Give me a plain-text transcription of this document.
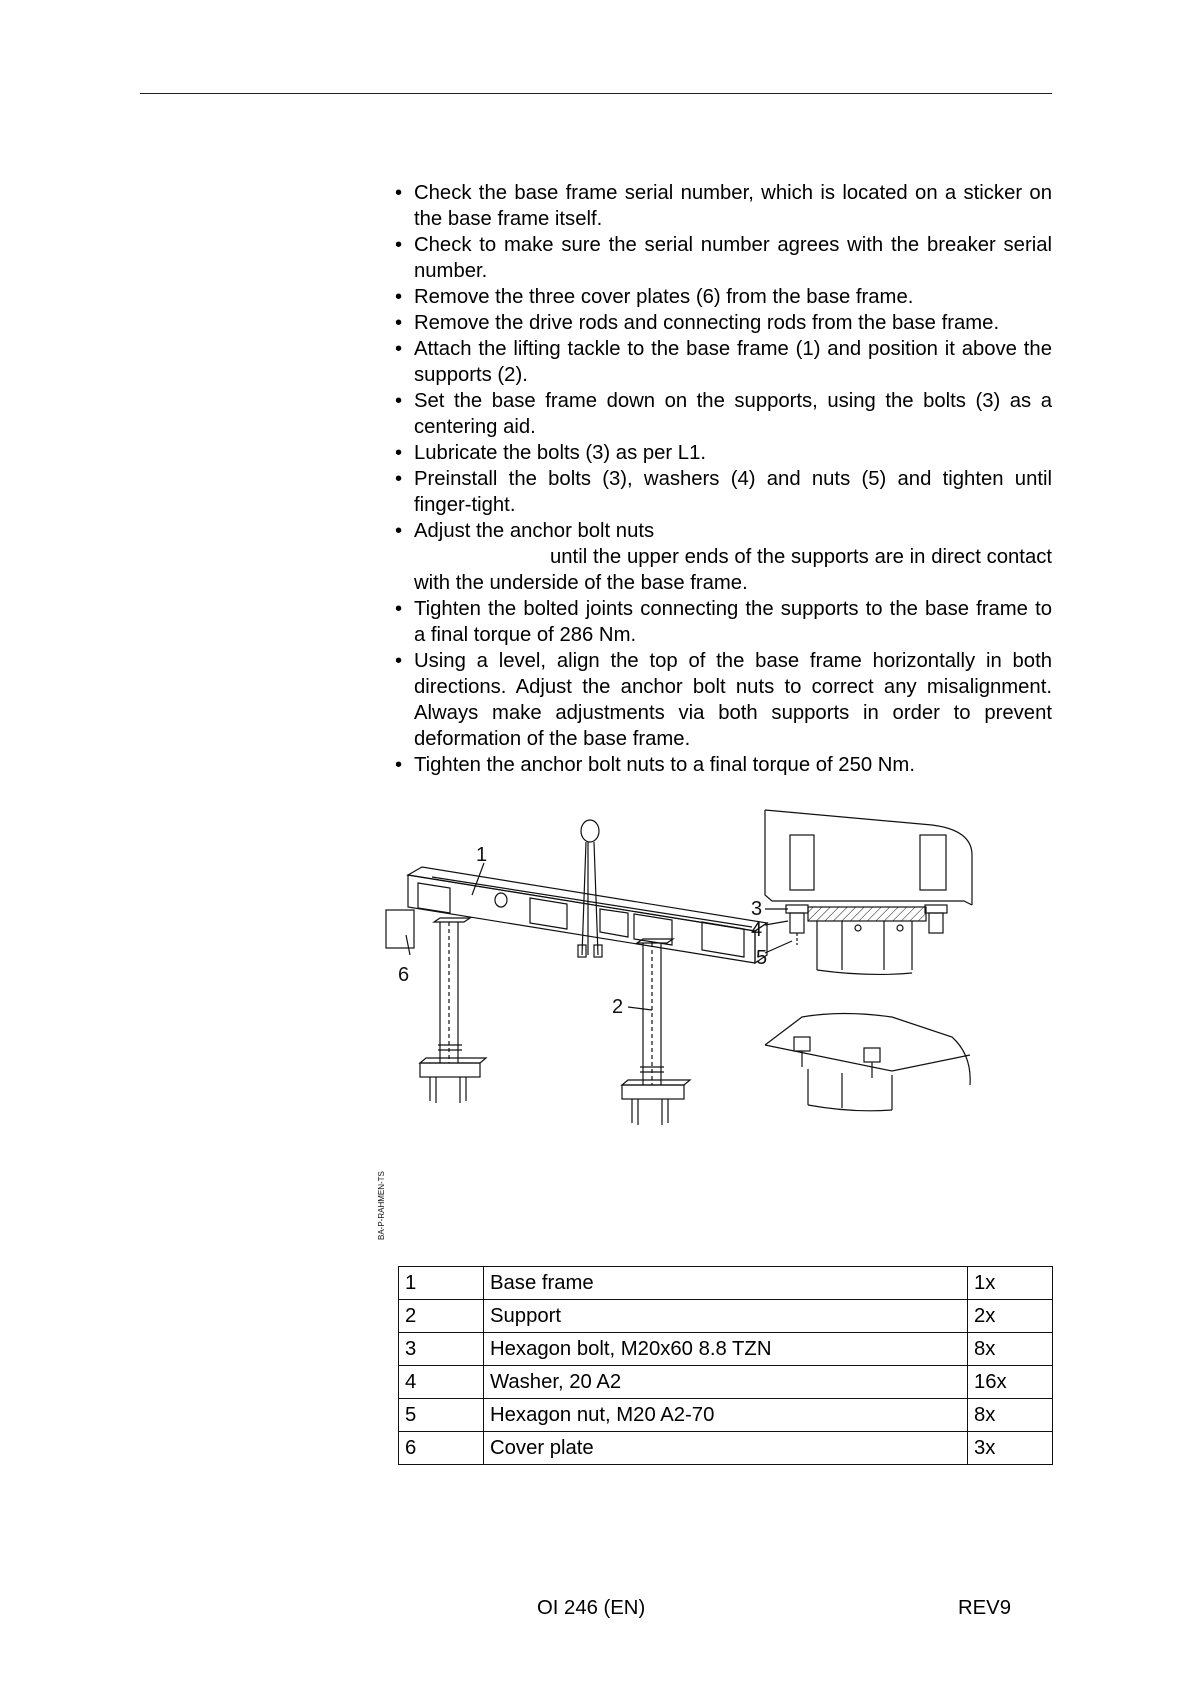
• Check the base frame serial number, which is located on a sticker on the base frame itself.
• Check to make sure the serial number agrees with the breaker serial number.
• Remove the three cover plates (6) from the base frame.
• Remove the drive rods and connecting rods from the base frame.
• Attach the lifting tackle to the base frame (1) and position it above the supports (2).
• Set the base frame down on the supports, using the bolts (3) as a centering aid.
• Lubricate the bolts (3) as per L1.
• Preinstall the bolts (3), washers (4) and nuts (5) and tighten until finger-tight.
• Adjust the anchor bolt nuts
until the upper ends of the supports are in direct contact with the underside of the base frame.
• Tighten the bolted joints connecting the supports to the base frame to a final torque of 286 Nm.
• Using a level, align the top of the base frame horizontally in both directions. Adjust the anchor bolt nuts to correct any misalignment. Always make adjustments via both supports in order to prevent deformation of the base frame.
• Tighten the anchor bolt nuts to a final torque of 250 Nm.
BA-P-RAHMEN-TS
1
6
2
3
4
5
1	Base frame	1x
2	Support	2x
3	Hexagon bolt, M20x60 8.8 TZN	8x
4	Washer, 20 A2	16x
5	Hexagon nut, M20 A2-70	8x
6	Cover plate	3x
OI 246 (EN)	REV9
